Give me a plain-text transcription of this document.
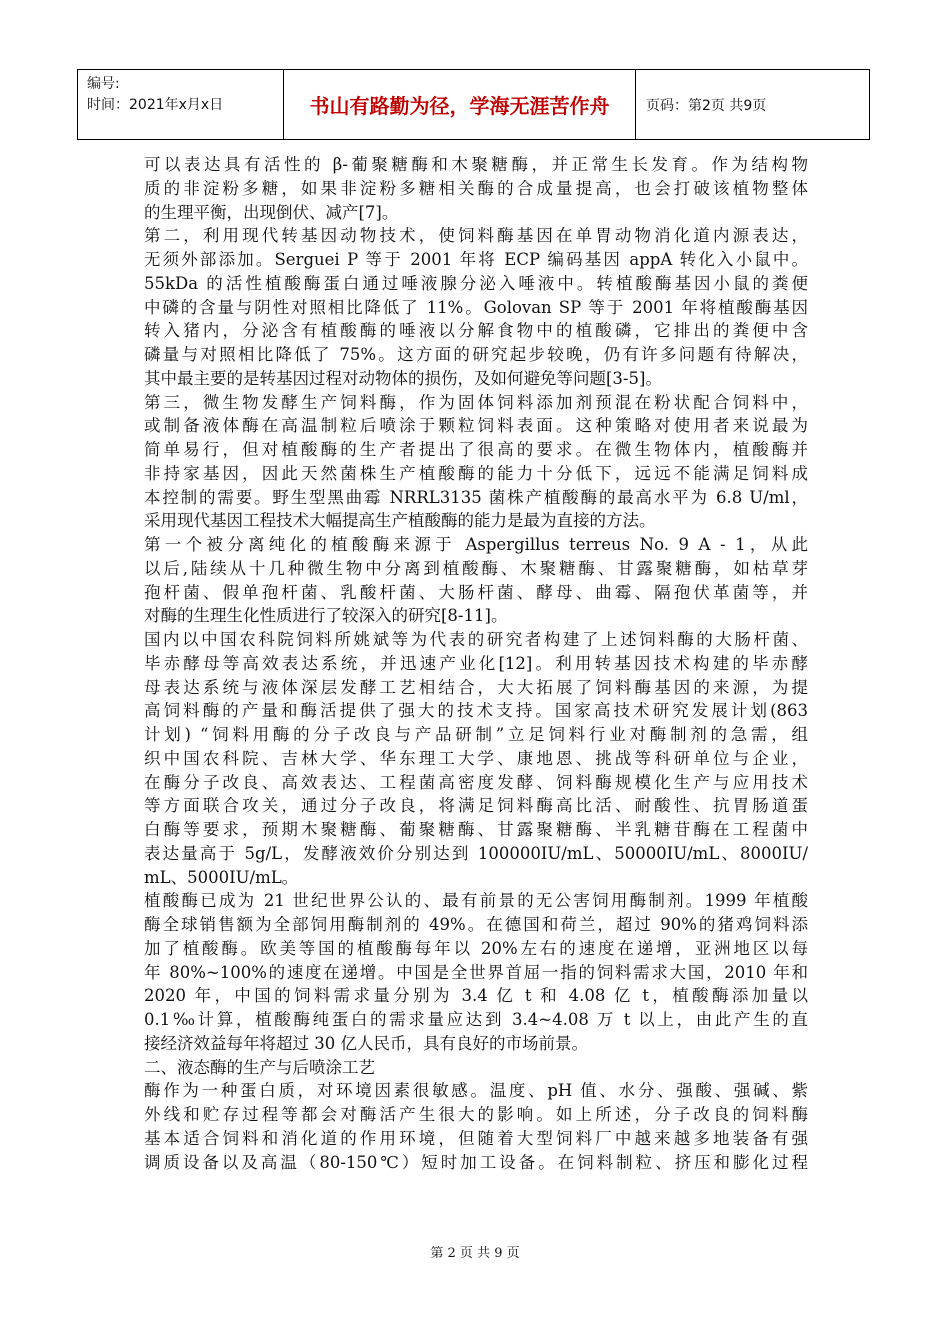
编号:
时间：2021年x月x日	书山有路勤为径，学海无涯苦作舟	页码：第2页 共9页
可以表达具有活性的 β-葡聚糖酶和木聚糖酶，并正常生长发育。作为结构物
质的非淀粉多糖，如果非淀粉多糖相关酶的合成量提高，也会打破该植物整体
的生理平衡，出现倒伏、减产[7]。
第二，利用现代转基因动物技术，使饲料酶基因在单胃动物消化道内源表达，
无须外部添加。Serguei P 等于 2001 年将 ECP 编码基因 appA 转化入小鼠中。
55kDa 的活性植酸酶蛋白通过唾液腺分泌入唾液中。转植酸酶基因小鼠的粪便
中磷的含量与阴性对照相比降低了 11%。Golovan SP 等于 2001 年将植酸酶基因
转入猪内，分泌含有植酸酶的唾液以分解食物中的植酸磷，它排出的粪便中含
磷量与对照相比降低了 75%。这方面的研究起步较晚，仍有许多问题有待解决，
其中最主要的是转基因过程对动物体的损伤，及如何避免等问题[3-5]。
第三，微生物发酵生产饲料酶，作为固体饲料添加剂预混在粉状配合饲料中，
或制备液体酶在高温制粒后喷涂于颗粒饲料表面。这种策略对使用者来说最为
简单易行，但对植酸酶的生产者提出了很高的要求。在微生物体内，植酸酶并
非持家基因，因此天然菌株生产植酸酶的能力十分低下，远远不能满足饲料成
本控制的需要。野生型黑曲霉 NRRL3135 菌株产植酸酶的最高水平为 6.8 U/ml，
采用现代基因工程技术大幅提高生产植酸酶的能力是最为直接的方法。
第一个被分离纯化的植酸酶来源于 Aspergillus terreus No. 9 A - 1，从此
以后,陆续从十几种微生物中分离到植酸酶、木聚糖酶、甘露聚糖酶，如枯草芽
孢杆菌、假单孢杆菌、乳酸杆菌、大肠杆菌、酵母、曲霉、隔孢伏革菌等，并
对酶的生理生化性质进行了较深入的研究[8-11]。
国内以中国农科院饲料所姚斌等为代表的研究者构建了上述饲料酶的大肠杆菌、
毕赤酵母等高效表达系统，并迅速产业化[12]。利用转基因技术构建的毕赤酵
母表达系统与液体深层发酵工艺相结合，大大拓展了饲料酶基因的来源，为提
高饲料酶的产量和酶活提供了强大的技术支持。国家高技术研究发展计划(863
计划) “饲料用酶的分子改良与产品研制”立足饲料行业对酶制剂的急需，组
织中国农科院、吉林大学、华东理工大学、康地恩、挑战等科研单位与企业，
在酶分子改良、高效表达、工程菌高密度发酵、饲料酶规模化生产与应用技术
等方面联合攻关，通过分子改良，将满足饲料酶高比活、耐酸性、抗胃肠道蛋
白酶等要求，预期木聚糖酶、葡聚糖酶、甘露聚糖酶、半乳糖苷酶在工程菌中
表达量高于 5g/L，发酵液效价分别达到 100000IU/mL、50000IU/mL、8000IU/
mL、5000IU/mL。
植酸酶已成为 21 世纪世界公认的、最有前景的无公害饲用酶制剂。1999 年植酸
酶全球销售额为全部饲用酶制剂的 49%。在德国和荷兰，超过 90%的猪鸡饲料添
加了植酸酶。欧美等国的植酸酶每年以 20%左右的速度在递增，亚洲地区以每
年 80%~100%的速度在递增。中国是全世界首屈一指的饲料需求大国，2010 年和
2020 年，中国的饲料需求量分别为 3.4 亿 t 和 4.08 亿 t，植酸酶添加量以
0.1‰计算，植酸酶纯蛋白的需求量应达到 3.4~4.08 万 t 以上，由此产生的直
接经济效益每年将超过 30 亿人民币，具有良好的市场前景。
二、液态酶的生产与后喷涂工艺
酶作为一种蛋白质，对环境因素很敏感。温度、pH 值、水分、强酸、强碱、紫
外线和贮存过程等都会对酶活产生很大的影响。如上所述，分子改良的饲料酶
基本适合饲料和消化道的作用环境，但随着大型饲料厂中越来越多地装备有强
调质设备以及高温（80-150℃）短时加工设备。在饲料制粒、挤压和膨化过程
第 2 页 共 9 页
